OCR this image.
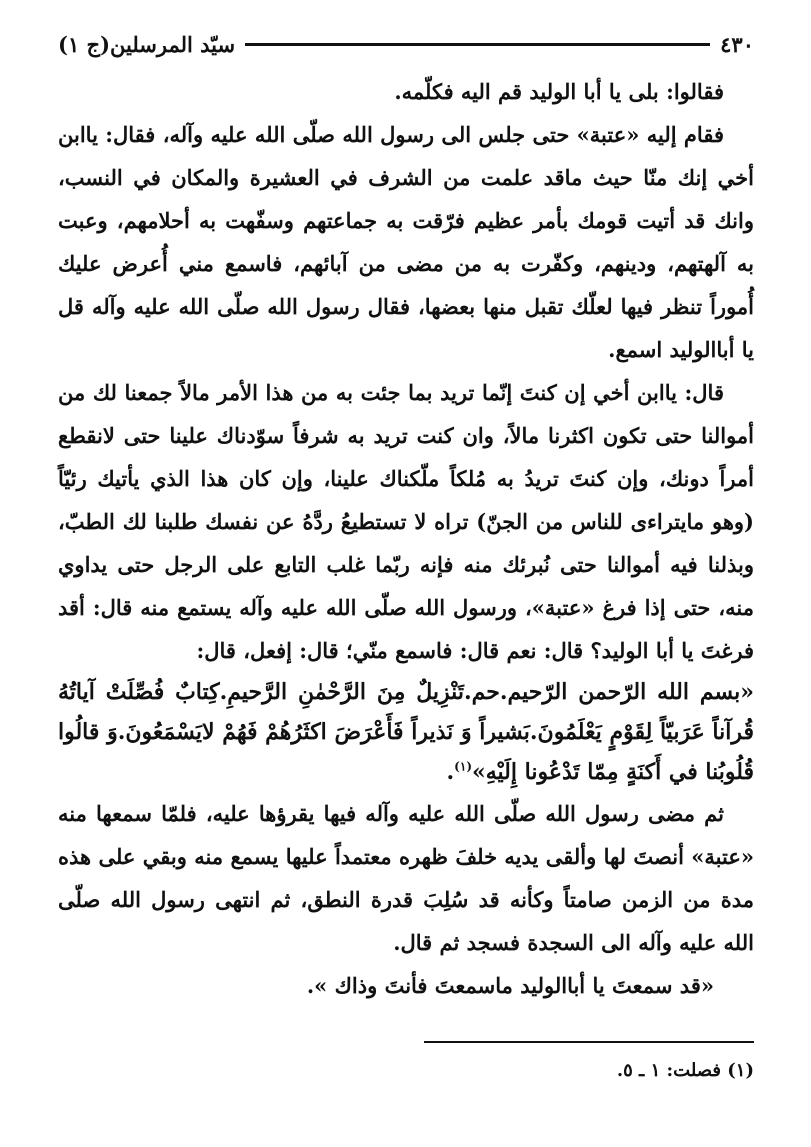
٤٣٠
سيّد المرسلين(ج ١)

فقالوا: بلى يا أبا الوليد قم اليه فكلّمه.

فقام إليه «عتبة» حتى جلس الى رسول الله صلّى الله عليه وآله، فقال: ياابن أخي إنك منّا حيث ماقد علمت من الشرف في العشيرة والمكان في النسب، وانك قد أتيت قومك بأمر عظيم فرّقت به جماعتهم وسفّهت به أحلامهم، وعبت به آلهتهم، ودينهم، وكفّرت به من مضى من آبائهم، فاسمع مني أُعرض عليك أُموراً تنظر فيها لعلّك تقبل منها بعضها، فقال رسول الله صلّى الله عليه وآله قل يا أباالوليد اسمع.

قال: ياابن أخي إن كنتَ إنّما تريد بما جئت به من هذا الأمر مالاً جمعنا لك من أموالنا حتى تكون اكثرنا مالاً، وان كنت تريد به شرفاً سوّدناك علينا حتى لانقطع أمراً دونك، وإن كنتَ تريدُ به مُلكاً ملّكناك علينا، وإن كان هذا الذي يأتيك رئيّاً (وهو مايتراءى للناس من الجنّ) تراه لا تستطيعُ ردَّهُ عن نفسك طلبنا لك الطبّ، وبذلنا فيه أموالنا حتى نُبرئك منه فإنه ربّما غلب التابع على الرجل حتى يداوي منه، حتى إذا فرغ «عتبة»، ورسول الله صلّى الله عليه وآله يستمع منه قال: أقد فرغتَ يا أبا الوليد؟ قال: نعم قال: فاسمع منّي؛ قال: إفعل، قال:

«بسم الله الرّحمن الرّحيم.حم.تَنْزِيلٌ مِنَ الرَّحْمٰنِ الرَّحيمِ.كِتابٌ فُصِّلَتْ آياتُهُ قُرآناً عَرَبيّاً لِقَوْمٍ يَعْلَمُونَ.بَشيراً وَ نَذيراً فَأَعْرَضَ اكثَرُهُمْ فَهُمْ لايَسْمَعُونَ.وَ قالُوا قُلُوبُنا في أَكنَةٍ مِمّا تَدْعُونا إِلَيْهِ»$^{(١)}$.

ثم مضى رسول الله صلّى الله عليه وآله فيها يقرؤها عليه، فلمّا سمعها منه «عتبة» أنصتَ لها وألقى يديه خلفَ ظهره معتمداً عليها يسمع منه وبقي على هذه مدة من الزمن صامتاً وكأنه قد سُلِبَ قدرة النطق، ثم انتهى رسول الله صلّى الله عليه وآله الى السجدة فسجد ثم قال.

«قد سمعتَ يا أباالوليد ماسمعتَ فأنتَ وذاك ».

(١) فصلت: ١ ـ ٥.
